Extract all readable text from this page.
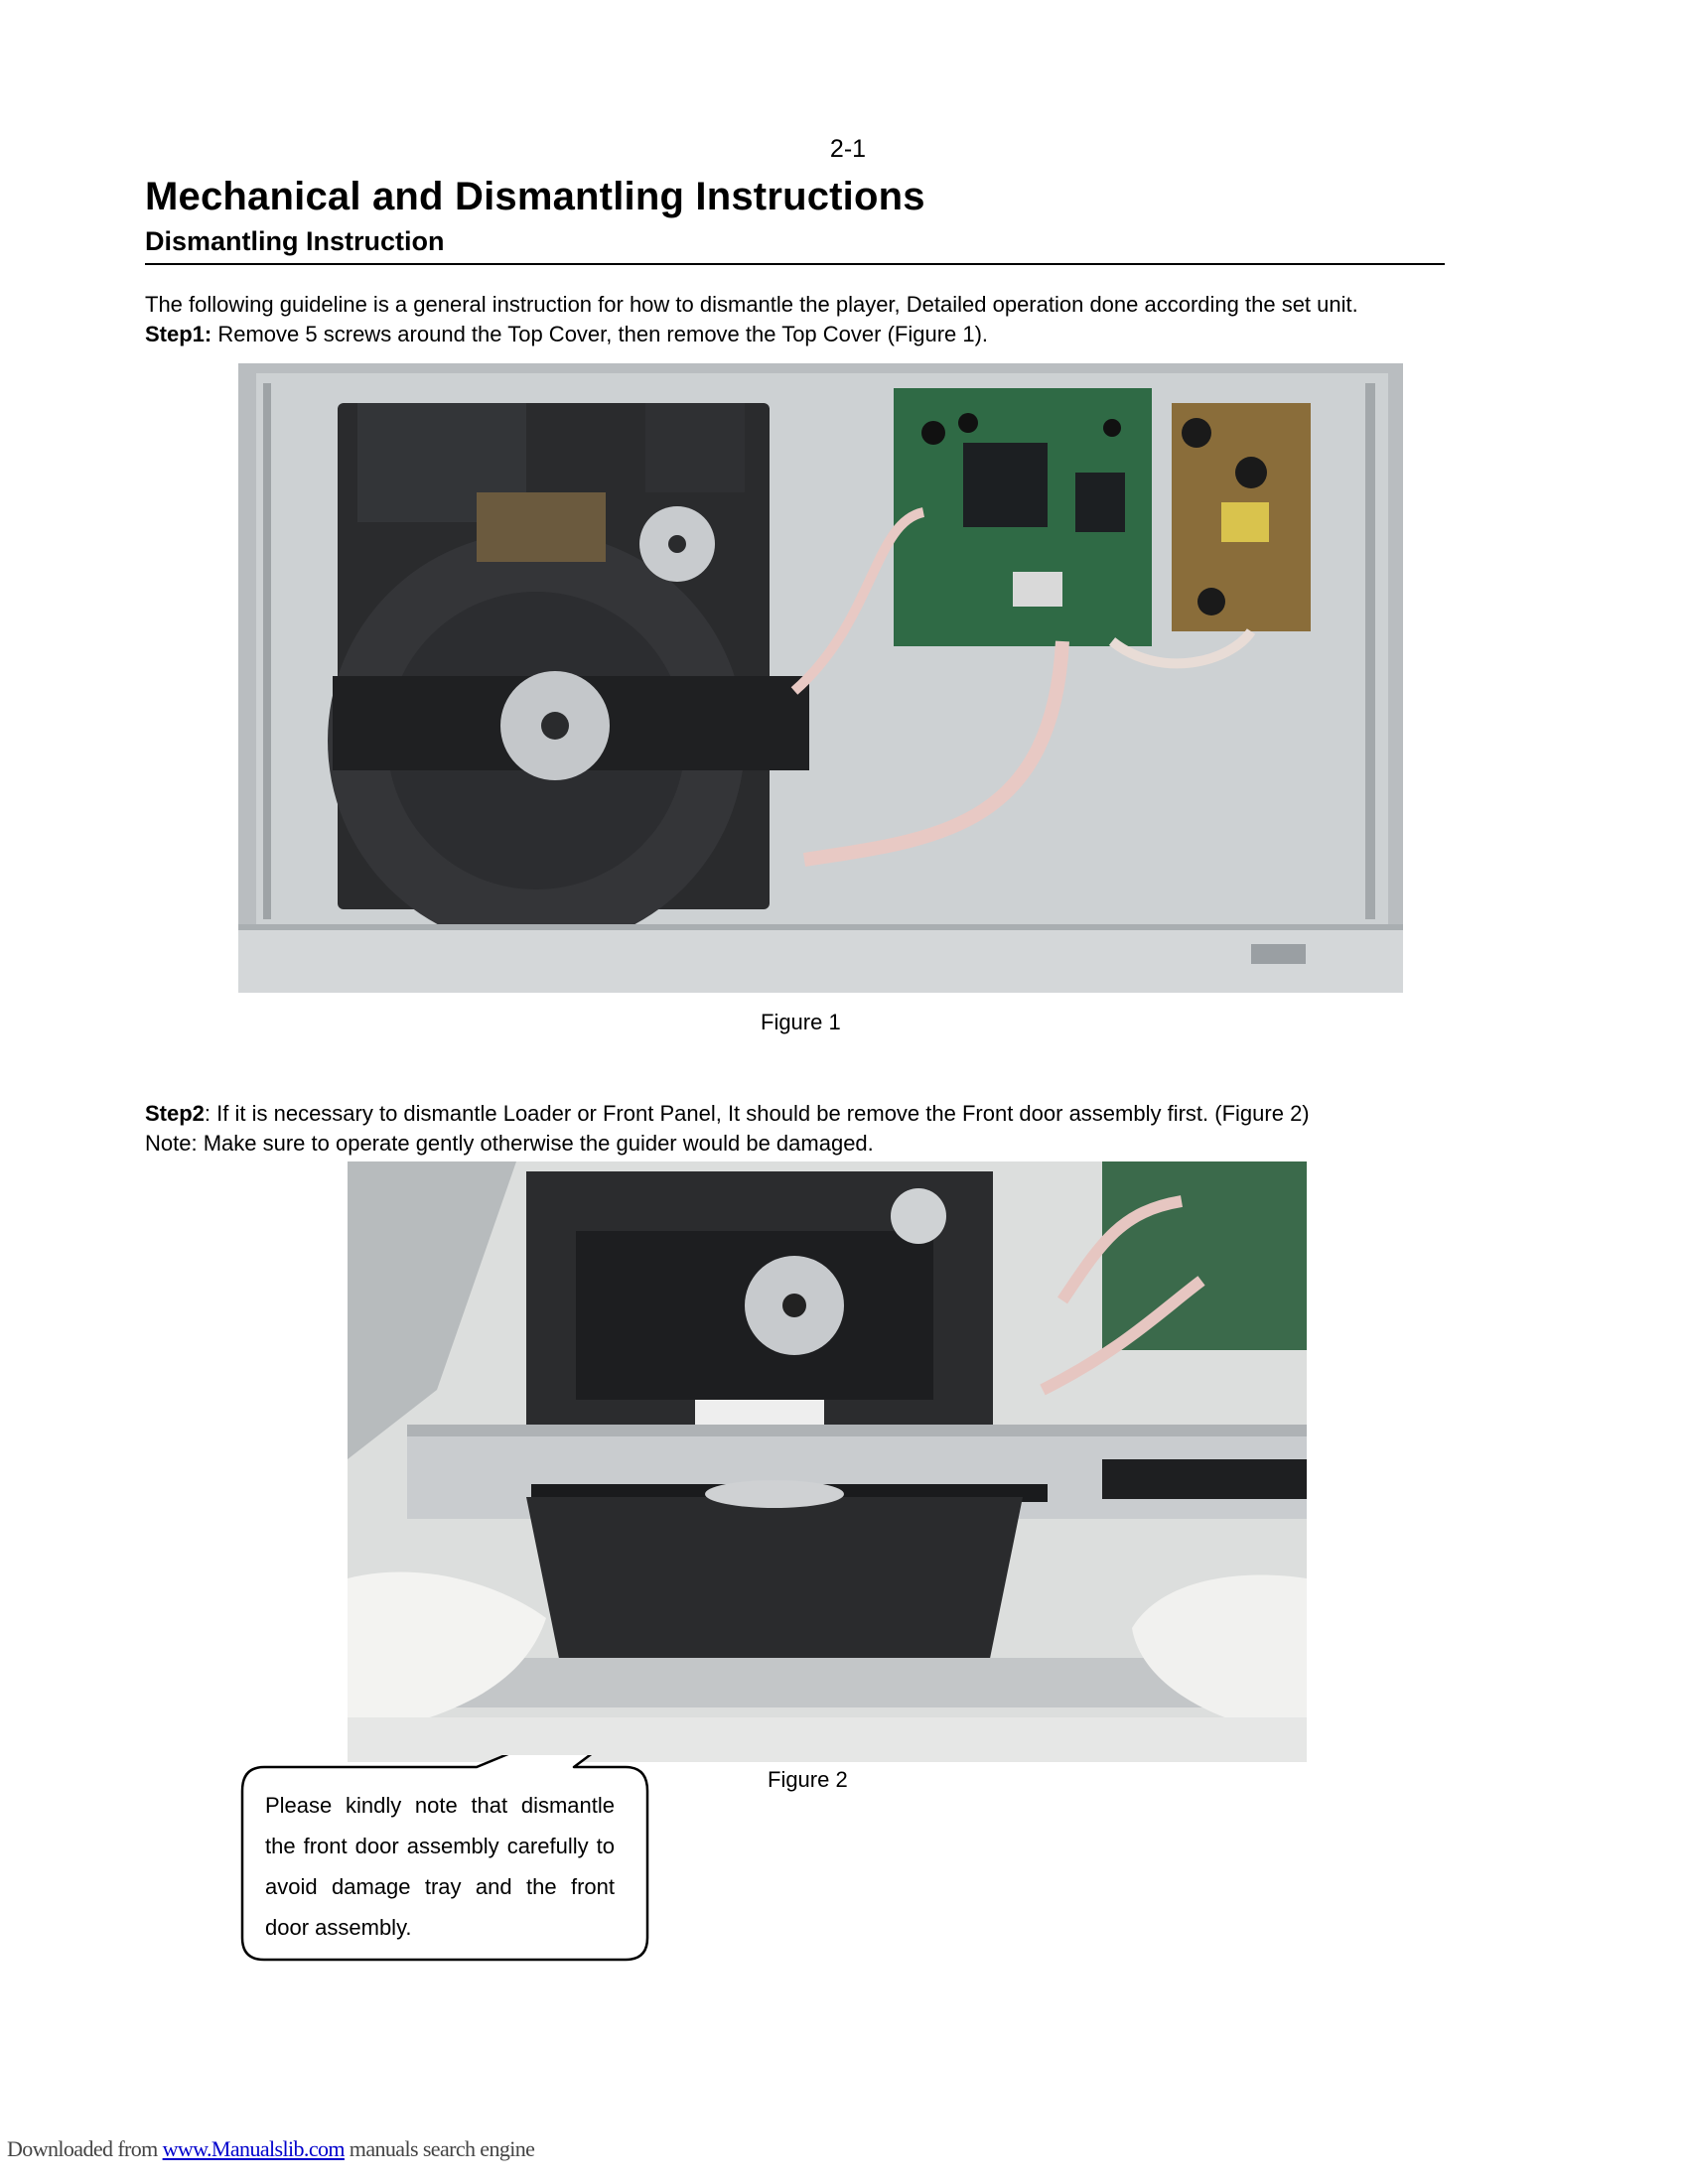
2-1
Mechanical and Dismantling Instructions
Dismantling Instruction
The following guideline is a general instruction for how to dismantle the player, Detailed operation done according the set unit.
Step1: Remove 5 screws around the Top Cover, then remove the Top Cover (Figure 1).
Figure 1
Step2: If it is necessary to dismantle Loader or Front Panel, It should be remove the Front door assembly first. (Figure 2)
Note: Make sure to operate gently otherwise the guider would be damaged.
Figure 2
Please kindly note that dismantle the front door assembly carefully to avoid damage tray and the front door assembly.
Downloaded from www.Manualslib.com manuals search engine
